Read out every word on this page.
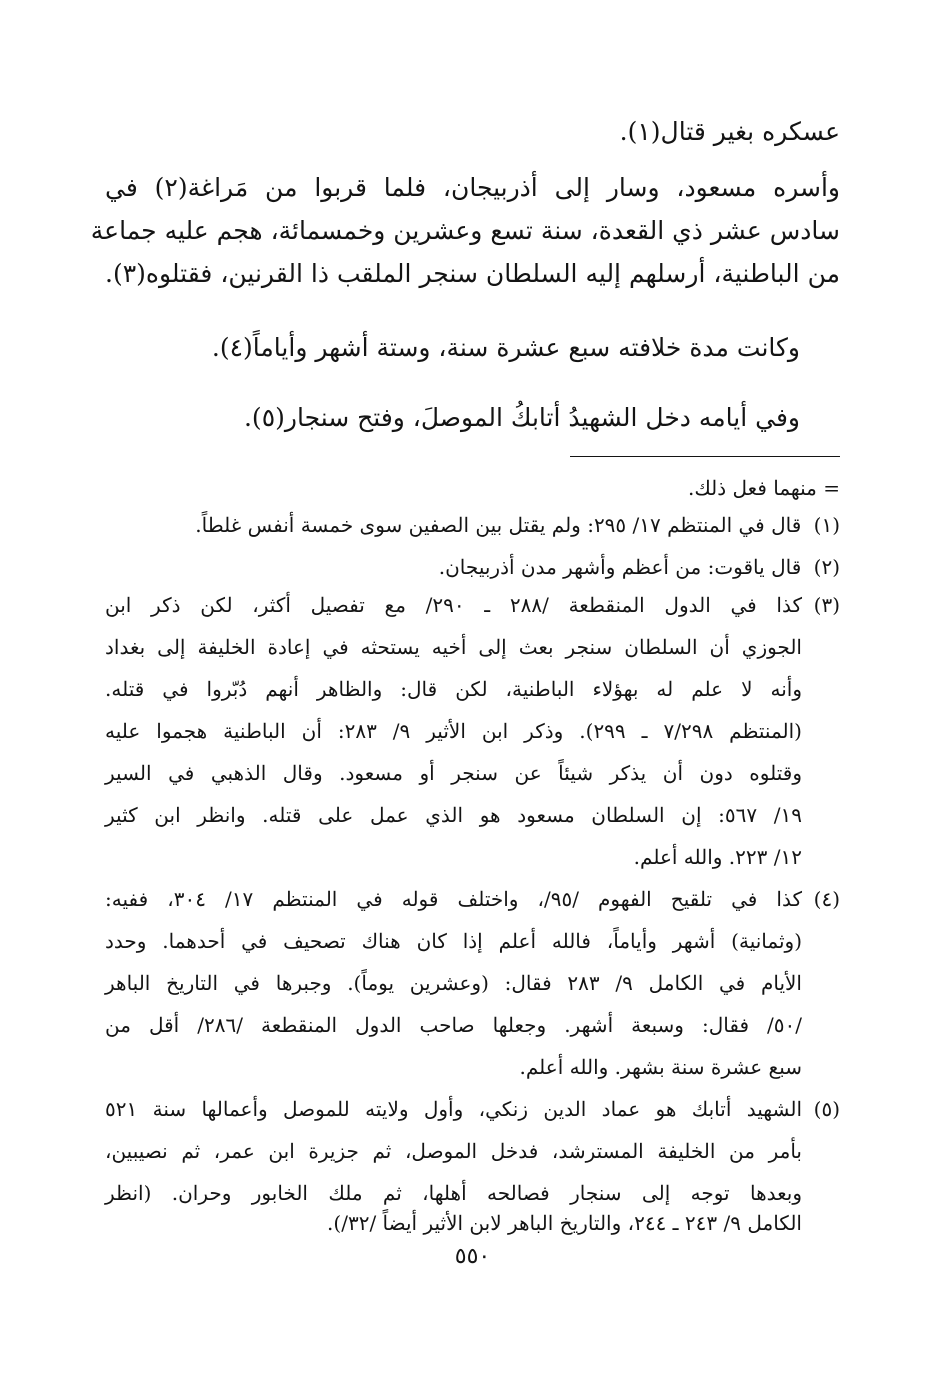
عسكره بغير قتال(١).
وأسره مسعود، وسار إلى أذربيجان، فلما قربوا من مَراغة(٢) في
سادس عشر ذي القعدة، سنة تسع وعشرين وخمسمائة، هجم عليه جماعة
من الباطنية، أرسلهم إليه السلطان سنجر الملقب ذا القرنين، فقتلوه(٣).
وكانت مدة خلافته سبع عشرة سنة، وستة أشهر وأياماً(٤).
وفي أيامه دخل الشهيدُ أتابكُ الموصلَ، وفتح سنجار(٥).
= منهما فعل ذلك.
(١) قال في المنتظم ١٧/ ٢٩٥: ولم يقتل بين الصفين سوى خمسة أنفس غلطاً.
(٢) قال ياقوت: من أعظم وأشهر مدن أذربيجان.
(٣)
كذا في الدول المنقطعة /٢٨٨ ـ ٢٩٠/ مع تفصيل أكثر، لكن ذكر ابن
الجوزي أن السلطان سنجر بعث إلى أخيه يستحثه في إعادة الخليفة إلى بغداد
وأنه لا علم له بهؤلاء الباطنية، لكن قال: والظاهر أنهم دُبّروا في قتله.
(المنتظم ٧/٢٩٨ ـ ٢٩٩). وذكر ابن الأثير ٩/ ٢٨٣: أن الباطنية هجموا عليه
وقتلوه دون أن يذكر شيئاً عن سنجر أو مسعود. وقال الذهبي في السير
١٩/ ٥٦٧: إن السلطان مسعود هو الذي عمل على قتله. وانظر ابن كثير
١٢/ ٢٢٣. والله أعلم.
(٤)
كذا في تلقيح الفهوم /٩٥/، واختلف قوله في المنتظم ١٧/ ٣٠٤، ففيه:
(وثمانية) أشهر وأياماً، فالله أعلم إذا كان هناك تصحيف في أحدهما. وحدد
الأيام في الكامل ٩/ ٢٨٣ فقال: (وعشرين يوماً). وجبرها في التاريخ الباهر
/٥٠/ فقال: وسبعة أشهر. وجعلها صاحب الدول المنقطعة /٢٨٦/ أقل من
سبع عشرة سنة بشهر. والله أعلم.
(٥)
الشهيد أتابك هو عماد الدين زنكي، وأول ولايته للموصل وأعمالها سنة ٥٢١
بأمر من الخليفة المسترشد، فدخل الموصل، ثم جزيرة ابن عمر، ثم نصيبين،
وبعدها توجه إلى سنجار فصالحه أهلها، ثم ملك الخابور وحران. (انظر
الكامل ٩/ ٢٤٣ ـ ٢٤٤، والتاريخ الباهر لابن الأثير أيضاً /٣٢/).
٥٥٠
